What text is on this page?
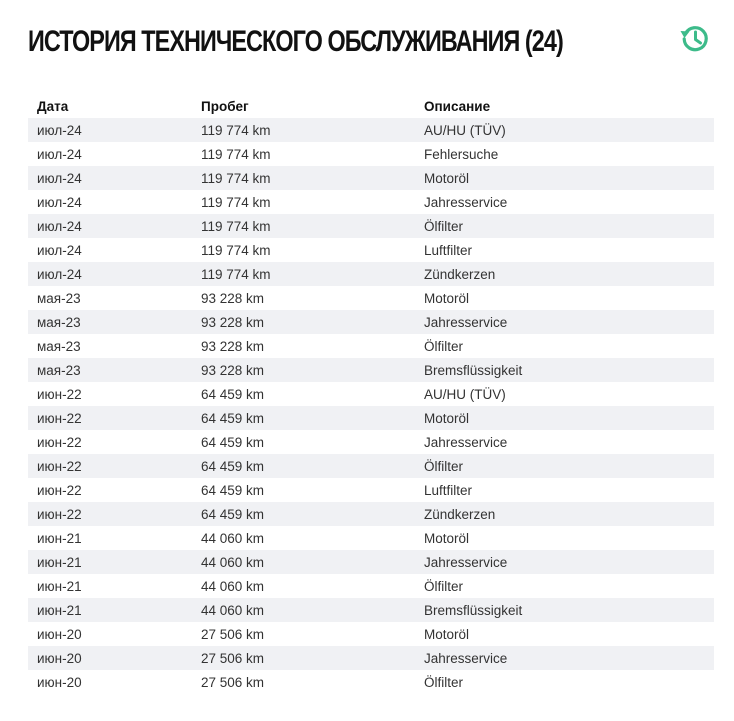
ИСТОРИЯ ТЕХНИЧЕСКОГО ОБСЛУЖИВАНИЯ (24)
Дата	Пробег	Описание
июл-24	119 774 km	AU/HU (TÜV)
июл-24	119 774 km	Fehlersuche
июл-24	119 774 km	Motoröl
июл-24	119 774 km	Jahresservice
июл-24	119 774 km	Ölfilter
июл-24	119 774 km	Luftfilter
июл-24	119 774 km	Zündkerzen
мая-23	93 228 km	Motoröl
мая-23	93 228 km	Jahresservice
мая-23	93 228 km	Ölfilter
мая-23	93 228 km	Bremsflüssigkeit
июн-22	64 459 km	AU/HU (TÜV)
июн-22	64 459 km	Motoröl
июн-22	64 459 km	Jahresservice
июн-22	64 459 km	Ölfilter
июн-22	64 459 km	Luftfilter
июн-22	64 459 km	Zündkerzen
июн-21	44 060 km	Motoröl
июн-21	44 060 km	Jahresservice
июн-21	44 060 km	Ölfilter
июн-21	44 060 km	Bremsflüssigkeit
июн-20	27 506 km	Motoröl
июн-20	27 506 km	Jahresservice
июн-20	27 506 km	Ölfilter
